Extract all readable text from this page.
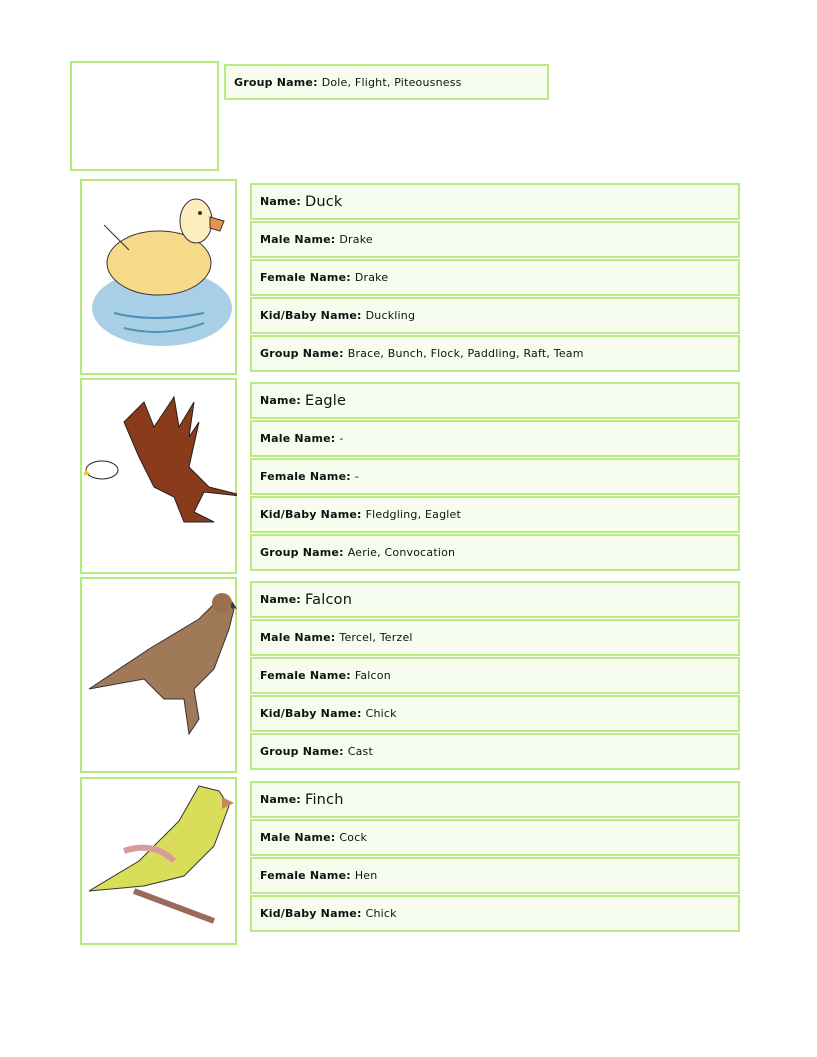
Group Name: Dole, Flight, Piteousness
Name: Duck
Male Name: Drake
Female Name: Drake
Kid/Baby Name: Duckling
Group Name: Brace, Bunch, Flock, Paddling, Raft, Team
Name: Eagle
Male Name: -
Female Name: -
Kid/Baby Name: Fledgling, Eaglet
Group Name: Aerie, Convocation
Name: Falcon
Male Name: Tercel, Terzel
Female Name: Falcon
Kid/Baby Name: Chick
Group Name: Cast
Name: Finch
Male Name: Cock
Female Name: Hen
Kid/Baby Name: Chick
